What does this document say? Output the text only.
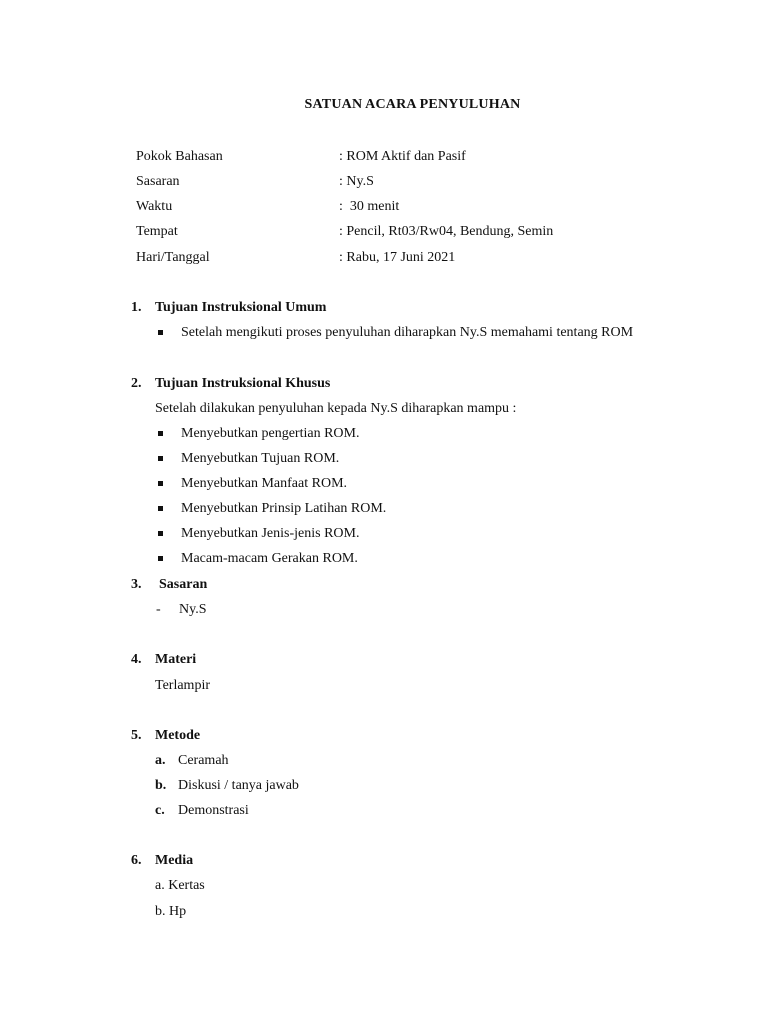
SATUAN ACARA PENYULUHAN
Pokok Bahasan	: ROM Aktif dan Pasif
Sasaran	: Ny.S
Waktu	:  30 menit
Tempat	: Pencil, Rt03/Rw04, Bendung, Semin
Hari/Tanggal	: Rabu, 17 Juni 2021
1. Tujuan Instruksional Umum
Setelah mengikuti proses penyuluhan diharapkan Ny.S memahami tentang ROM
2. Tujuan Instruksional Khusus
Setelah dilakukan penyuluhan kepada Ny.S diharapkan mampu :
Menyebutkan pengertian ROM.
Menyebutkan Tujuan ROM.
Menyebutkan Manfaat ROM.
Menyebutkan Prinsip Latihan ROM.
Menyebutkan Jenis-jenis ROM.
Macam-macam Gerakan ROM.
3. Sasaran
- Ny.S
4. Materi
Terlampir
5. Metode
a. Ceramah
b. Diskusi / tanya jawab
c. Demonstrasi
6. Media
a. Kertas
b. Hp
